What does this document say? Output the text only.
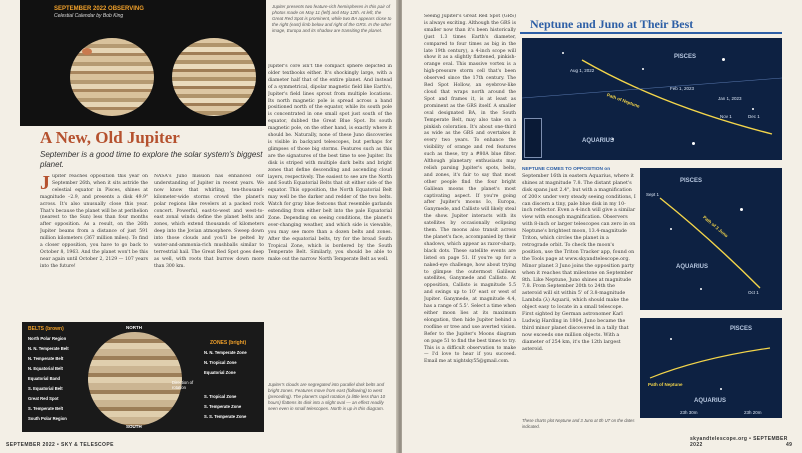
SEPTEMBER 2022 OBSERVING
Celestial Calendar by Bob King
Jupiter presents two feature-rich hemispheres in this pair of photos made on May 11 (left) and May 12th. At left, the Great Red Spot is prominent, while two BA appears close to the right (east) limb below and right of the GRS. In the other image, Europa and its shadow are transiting the planet.
Jupiter's core isn't the compact sphere depicted in older textbooks either. It's shockingly large, with a diameter half that of the entire planet. And instead of a symmetrical, dipolar magnetic field like Earth's, Jupiter's field lines sprout from multiple locations. Its north magnetic pole is spread across a band positioned north of the equator, while its south pole is concentrated in one small spot just south of the equator, dubbed the Great Blue Spot. Its south magnetic pole, on the other hand, is exactly where it should be. Naturally, none of these Juno discoveries is visible in backyard telescopes, but perhaps for glimpses of those big storms. Features such as this are the signatures of the best time to see Jupiter. Its disk is striped with multiple dark belts and bright zones that define descending and ascending cloud layers, respectively. The easiest to see are the North and South Equatorial Belts that sit either side of the equator. This opposition, the North Equatorial Belt may well be the darker and redder of the two belts. Watch for gray blue festoons that resemble garlands extending from either belt into the pale Equatorial Zone. Depending on seeing conditions, the planet's ever-changing weather, and which side is viewable, you may see more than a dozen belts and zones. After the equatorial belts, try for the broad South Tropical Zone, which is bordered by the South Temperate Belt. Similarly, you should be able to make out the narrow North Temperate Belt as well.
A New, Old Jupiter
September is a good time to explore the solar system's biggest planet.
Jupiter reaches opposition this year on September 26th, when it sits astride the celestial equator in Pisces, shines at magnitude –2.9, and presents a disk 49.9" across. It's also unusually close this year. That's because the planet will be at perihelion (nearest to the Sun) less than four months after opposition. As a result, on the 26th Jupiter beams from a distance of just 591 million kilometers (367 million miles). To find a closer opposition, you have to go back to October 8, 1963. And the planet won't be this near again until October 2, 2129 — 107 years into the future!
NASA's Juno mission has enhanced our understanding of Jupiter in recent years. We now know that whirling, ten-thousand-kilometer-wide storms crowd the planet's polar regions like revelers at a packed rock concert. Powerful, east-to-west and west-to-east zonal winds define the planet belts and zones, which extend thousands of kilometers deep into the Jovian atmosphere. Sweep down into those clouds and you'll be pelted by water-and-ammonia-rich mushballs similar to terrestrial hail. The Great Red Spot goes deep as well, with roots that burrow down more than 300 km.
BELTS (brown)
ZONES (bright)
NORTH
SOUTH
Direction of rotation
North Polar Region
N. N. Temperate Belt
N. Temperate Belt
N. Equatorial Belt
Equatorial Band
S. Equatorial Belt
Great Red Spot
S. Temperate Belt
South Polar Region
N. N. Temperate Zone
N. Tropical Zone
Equatorial Zone
S. Tropical Zone
S. Temperate Zone
S. S. Temperate Zone
Jupiter's clouds are segregated into parallel dark belts and bright zones. Features move from east (following) to west (preceding). The planet's rapid rotation (a little less than 10 hours) flattens its disk into a slight oval — an effect readily seen even in small telescopes. North is up in this diagram.
SEPTEMBER 2022 • SKY & TELESCOPE
Seeing Jupiter's Great Red Spot (GRS) is always exciting. Although the GRS is smaller now than it's been historically (just 1.3 times Earth's diameter, compared to four times as big in the late 19th century), a 4-inch scope will show it as a slightly flattened, pinkish-orange oval. This massive vortex is a high-pressure storm cell that's been observed since the 17th century. The Red Spot Hollow, an eyebrow-like cloud that wraps north around the Spot and frames it, is at least as prominent as the GRS itself. A smaller oval designated BA, in the South Temperate Belt, may also take on a pinkish coloration. It's about one-third as wide as the GRS and overtakes it every two years. To enhance the visibility of orange and red features such as these, try a #80A blue filter. Although planetary enthusiasts may relish parsing Jupiter's spots, belts, and zones, it's fair to say that most other people find the four bright Galilean moons the planet's most captivating aspect. If you're going after Jupiter's moons Io, Europa, Ganymede, and Callisto will likely steal the show. Jupiter interacts with its satellites by occasionally eclipsing them. The moons also transit across the planet's face, accompanied by their shadows, which appear as razor-sharp, black dots. These satellite events are listed on page 51. If you're up for a naked-eye challenge, how about trying to glimpse the outermost Galilean satellites, Ganymede and Callisto. At opposition, Callisto is magnitude 5.5 and swings up to 10' east or west of Jupiter. Ganymede, at magnitude 4.4, has a range of 5.5'. Select a time when either moon lies at its maximum elongation, then hide Jupiter behind a roofline or tree and use averted vision. Refer to the Jupiter's Moons diagram on page 51 to find the best times to try. This is a difficult observation to make — I'd love to hear if you succeed. Email me at nightsky55@gmail.com.
Neptune and Juno at Their Best
PISCES
Aug 1, 2022
Feb 1, 2023
Jan 1, 2023
Nov 1	Dec 1
Path of Neptune
AQUARIUS
NEPTUNE COMES TO OPPOSITION on September 16th in eastern Aquarius, where it shines at magnitude 7.8. The distant planet's disk spans just 2.4", but with a magnification of 200× under very steady seeing conditions, I can discern a tiny, pale blue disk in my 10-inch reflector. Even a 4-inch will give a similar view with enough magnification. Observers with 8-inch or larger telescopes can zero in on Neptune's brightest moon, 13.4-magnitude Triton, which circles the planet in a retrograde orbit. To check the moon's position, use the Triton Tracker app, found on the Tools page at www.skyandtelescope.org. Minor planet 3 Juno joins the opposition party when it reaches that milestone on September 8th. Like Neptune, Juno shines at magnitude 7.8. From September 20th to 24th the asteroid will sit within 5' of 3.8-magnitude Lambda (λ) Aquarii, which should make the object easy to locate in a small telescope. First sighted by German astronomer Karl Ludwig Harding in 1804, Juno became the third minor planet discovered in a tally that now exceeds one million objects. With a diameter of 254 km, it's the 12th largest asteroid.
These charts plot Neptune and 3 Juno at 0h UT on the dates indicated.
PISCES
Path of 3 Juno
Sept 1
AQUARIUS
Oct 1
PISCES
Path of Neptune
AQUARIUS
23h 30m	23h 20m
skyandtelescope.org • SEPTEMBER 2022	49
